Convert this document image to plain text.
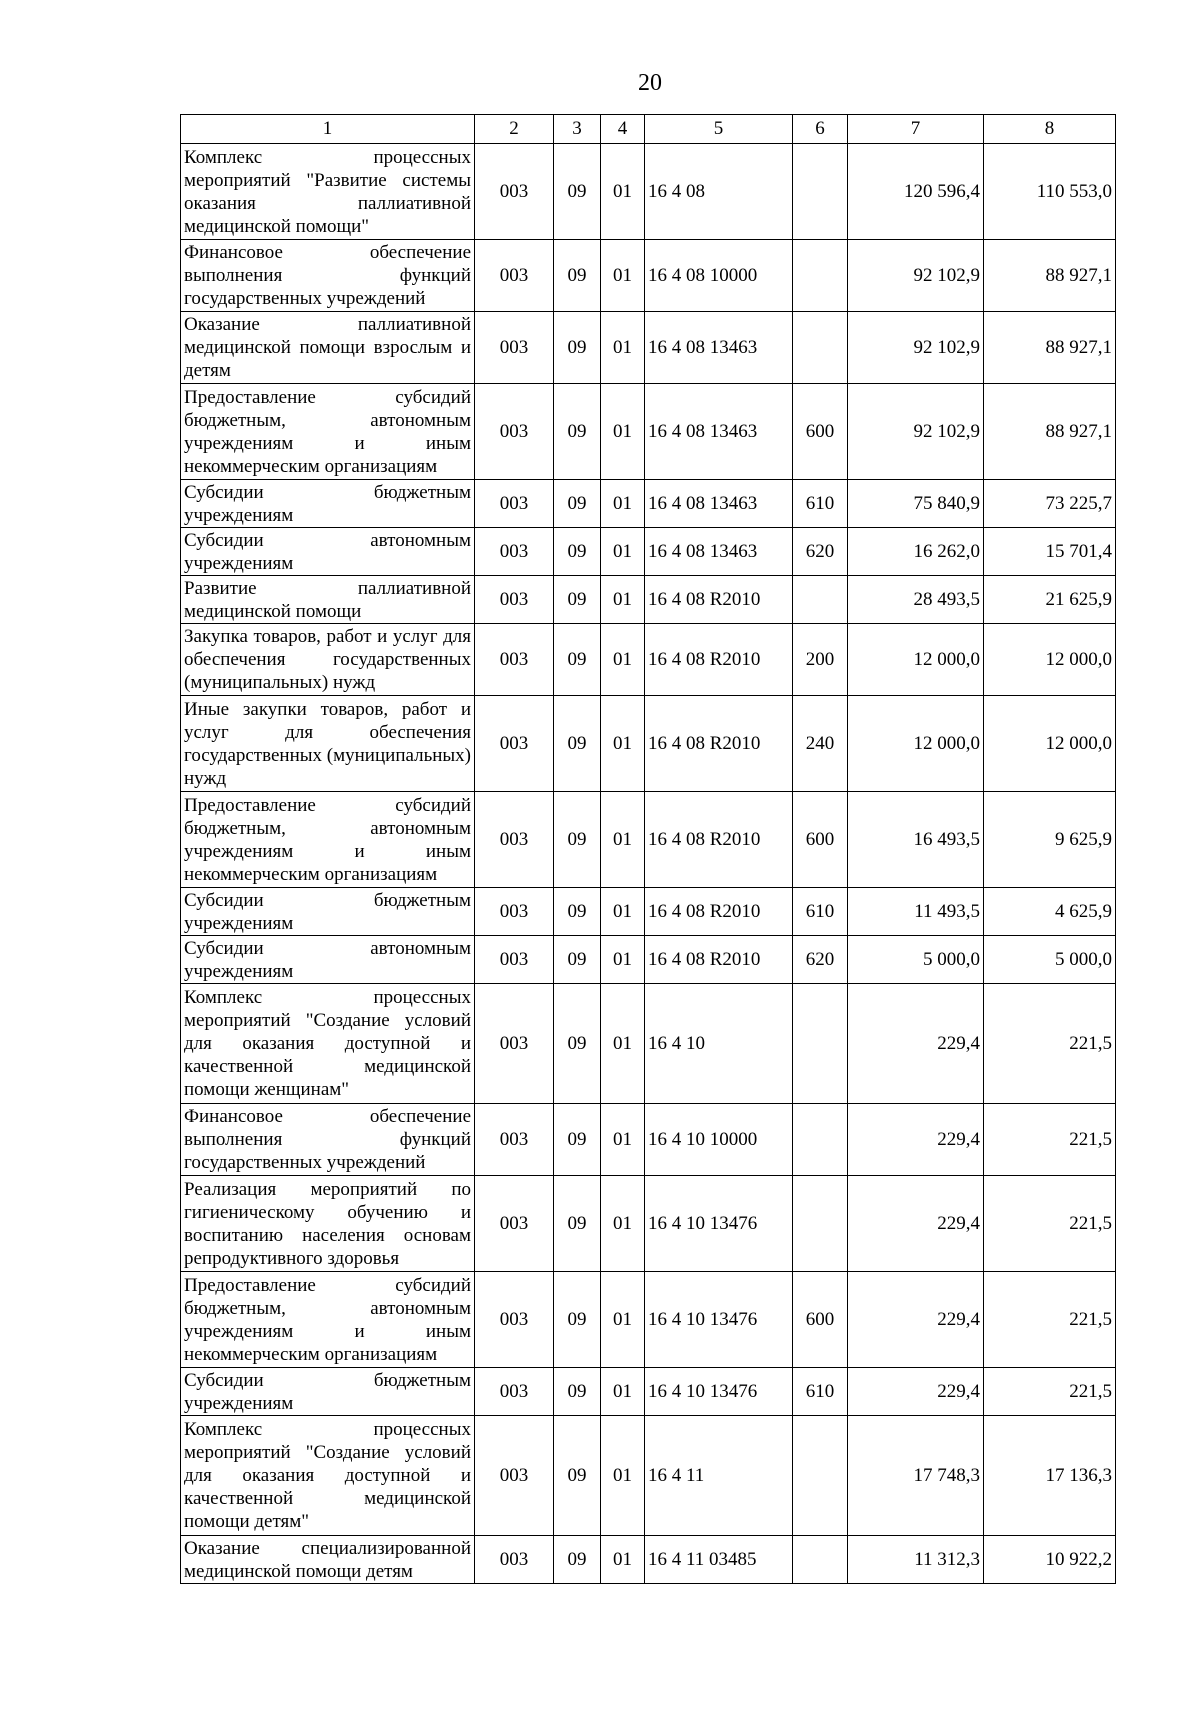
20
1	2	3	4	5	6	7	8
Комплекс процессных мероприятий "Развитие системы оказания паллиативной медицинской помощи"	003	09	01	16 4 08		120 596,4	110 553,0
Финансовое обеспечение выполнения функций государственных учреждений	003	09	01	16 4 08 10000		92 102,9	88 927,1
Оказание паллиативной медицинской помощи взрослым и детям	003	09	01	16 4 08 13463		92 102,9	88 927,1
Предоставление субсидий бюджетным, автономным учреждениям и иным некоммерческим организациям	003	09	01	16 4 08 13463	600	92 102,9	88 927,1
Субсидии бюджетным учреждениям	003	09	01	16 4 08 13463	610	75 840,9	73 225,7
Субсидии автономным учреждениям	003	09	01	16 4 08 13463	620	16 262,0	15 701,4
Развитие паллиативной медицинской помощи	003	09	01	16 4 08 R2010		28 493,5	21 625,9
Закупка товаров, работ и услуг для обеспечения государственных (муниципальных) нужд	003	09	01	16 4 08 R2010	200	12 000,0	12 000,0
Иные закупки товаров, работ и услуг для обеспечения государственных (муниципальных) нужд	003	09	01	16 4 08 R2010	240	12 000,0	12 000,0
Предоставление субсидий бюджетным, автономным учреждениям и иным некоммерческим организациям	003	09	01	16 4 08 R2010	600	16 493,5	9 625,9
Субсидии бюджетным учреждениям	003	09	01	16 4 08 R2010	610	11 493,5	4 625,9
Субсидии автономным учреждениям	003	09	01	16 4 08 R2010	620	5 000,0	5 000,0
Комплекс процессных мероприятий "Создание условий для оказания доступной и качественной медицинской помощи женщинам"	003	09	01	16 4 10		229,4	221,5
Финансовое обеспечение выполнения функций государственных учреждений	003	09	01	16 4 10 10000		229,4	221,5
Реализация мероприятий по гигиеническому обучению и воспитанию населения основам репродуктивного здоровья	003	09	01	16 4 10 13476		229,4	221,5
Предоставление субсидий бюджетным, автономным учреждениям и иным некоммерческим организациям	003	09	01	16 4 10 13476	600	229,4	221,5
Субсидии бюджетным учреждениям	003	09	01	16 4 10 13476	610	229,4	221,5
Комплекс процессных мероприятий "Создание условий для оказания доступной и качественной медицинской помощи детям"	003	09	01	16 4 11		17 748,3	17 136,3
Оказание специализированной медицинской помощи детям	003	09	01	16 4 11 03485		11 312,3	10 922,2
